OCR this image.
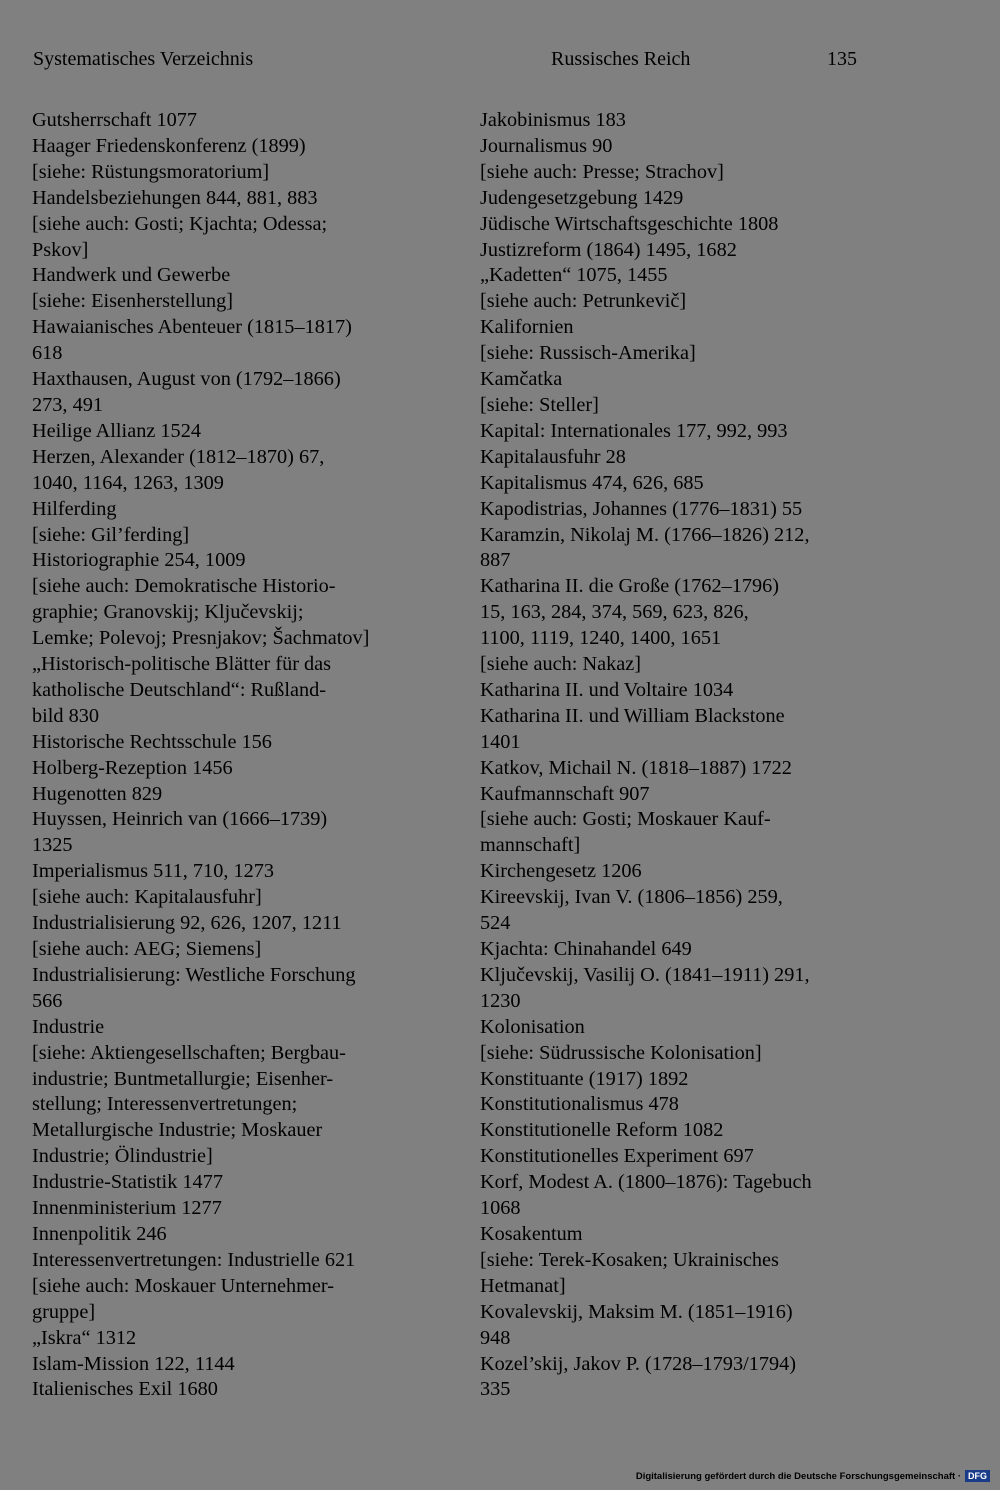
Systematisches Verzeichnis	Russisches Reich	135
Gutsherrschaft 1077
Haager Friedenskonferenz (1899)
[siehe: Rüstungsmoratorium]
Handelsbeziehungen 844, 881, 883
[siehe auch: Gosti; Kjachta; Odessa;
Pskov]
Handwerk und Gewerbe
[siehe: Eisenherstellung]
Hawaianisches Abenteuer (1815–1817)
618
Haxthausen, August von (1792–1866)
273, 491
Heilige Allianz 1524
Herzen, Alexander (1812–1870) 67,
1040, 1164, 1263, 1309
Hilferding
[siehe: Gil’ferding]
Historiographie 254, 1009
[siehe auch: Demokratische Historio-
graphie; Granovskij; Ključevskij;
Lemke; Polevoj; Presnjakov; Šachmatov]
„Historisch-politische Blätter für das
katholische Deutschland“: Rußland-
bild 830
Historische Rechtsschule 156
Holberg-Rezeption 1456
Hugenotten 829
Huyssen, Heinrich van (1666–1739)
1325
Imperialismus 511, 710, 1273
[siehe auch: Kapitalausfuhr]
Industrialisierung 92, 626, 1207, 1211
[siehe auch: AEG; Siemens]
Industrialisierung: Westliche Forschung
566
Industrie
[siehe: Aktiengesellschaften; Bergbau-
industrie; Buntmetallurgie; Eisenher-
stellung; Interessenvertretungen;
Metallurgische Industrie; Moskauer
Industrie; Ölindustrie]
Industrie-Statistik 1477
Innenministerium 1277
Innenpolitik 246
Interessenvertretungen: Industrielle 621
[siehe auch: Moskauer Unternehmer-
gruppe]
„Iskra“ 1312
Islam-Mission 122, 1144
Italienisches Exil 1680
Jakobinismus 183
Journalismus 90
[siehe auch: Presse; Strachov]
Judengesetzgebung 1429
Jüdische Wirtschaftsgeschichte 1808
Justizreform (1864) 1495, 1682
„Kadetten“ 1075, 1455
[siehe auch: Petrunkevič]
Kalifornien
[siehe: Russisch-Amerika]
Kamčatka
[siehe: Steller]
Kapital: Internationales 177, 992, 993
Kapitalausfuhr 28
Kapitalismus 474, 626, 685
Kapodistrias, Johannes (1776–1831) 55
Karamzin, Nikolaj M. (1766–1826) 212,
887
Katharina II. die Große (1762–1796)
15, 163, 284, 374, 569, 623, 826,
1100, 1119, 1240, 1400, 1651
[siehe auch: Nakaz]
Katharina II. und Voltaire 1034
Katharina II. und William Blackstone
1401
Katkov, Michail N. (1818–1887) 1722
Kaufmannschaft 907
[siehe auch: Gosti; Moskauer Kauf-
mannschaft]
Kirchengesetz 1206
Kireevskij, Ivan V. (1806–1856) 259,
524
Kjachta: Chinahandel 649
Ključevskij, Vasilij O. (1841–1911) 291,
1230
Kolonisation
[siehe: Südrussische Kolonisation]
Konstituante (1917) 1892
Konstitutionalismus 478
Konstitutionelle Reform 1082
Konstitutionelles Experiment 697
Korf, Modest A. (1800–1876): Tagebuch
1068
Kosakentum
[siehe: Terek-Kosaken; Ukrainisches
Hetmanat]
Kovalevskij, Maksim M. (1851–1916)
948
Kozel’skij, Jakov P. (1728–1793/1794)
335
Digitalisierung gefördert durch die Deutsche Forschungsgemeinschaft · DFG
